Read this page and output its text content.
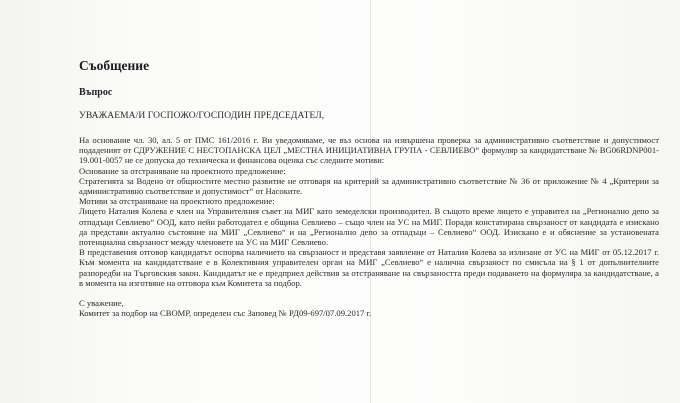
Съобщение
Въпрос
УВАЖАЕМА/И ГОСПОЖО/ГОСПОДИН ПРЕДСЕДАТЕЛ,

На основание чл. 30, ал. 5 от ПМС 161/2016 г. Ви уведомяваме, че въз основа на извършена проверка за административно съответствие и допустимост подаденият от СДРУЖЕНИЕ С НЕСТОПАНСКА ЦЕЛ „МЕСТНА ИНИЦИАТИВНА ГРУПА - СЕВЛИЕВО“ формуляр за кандидатстване № BG06RDNP001-19.001-0057 не се допуска до техническа и финансова оценка със следните мотиви:

Основание за отстраняване на проектното предложение:

Стратегията за Водено от общностите местно развитие не отговаря на критерий за административно съответствие № 36 от приложение № 4 „Критерии за административно съответствие и допустимост“ от Насоките.

Мотиви за отстраняване на проектното предложение:

Лицето Наталия Колева е член на Управителния съвет на МИГ като земеделски производител. В същото време лицето е управител на „Регионално депо за отпадъци Севлиево“ ООД, като нейн работодател е община Севлиево – също член на УС на МИГ. Поради констатирана свързаност от кандидата е изискано да представи актуално състояние на МИГ „Севлиево“ и на „Регионално депо за отпадъци – Севлиево“ ООД. Изискано е и обяснение за установената потенциална свързаност между членовете на УС на МИГ Севлиево.

В представения отговор кандидатът оспорва наличието на свързаност и представя заявление от Наталия Колева за излизане от УС на МИГ от 05.12.2017 г. Към момента на кандидатстване е в Колективния управителен орган на МИГ „Севлиево“ е налична свързаност по смисъла на § 1 от допълнителните разпоредби на Търговския закон. Кандидатът не е предприел действия за отстраняване на свързаността преди подаването на формуляра за кандидатстване, а в момента на изготвяне на отговора към Комитета за подбор.

С уважение,

Комитет за подбор на СВОМР, определен със Заповед № РД09-697/07.09.2017 г.
